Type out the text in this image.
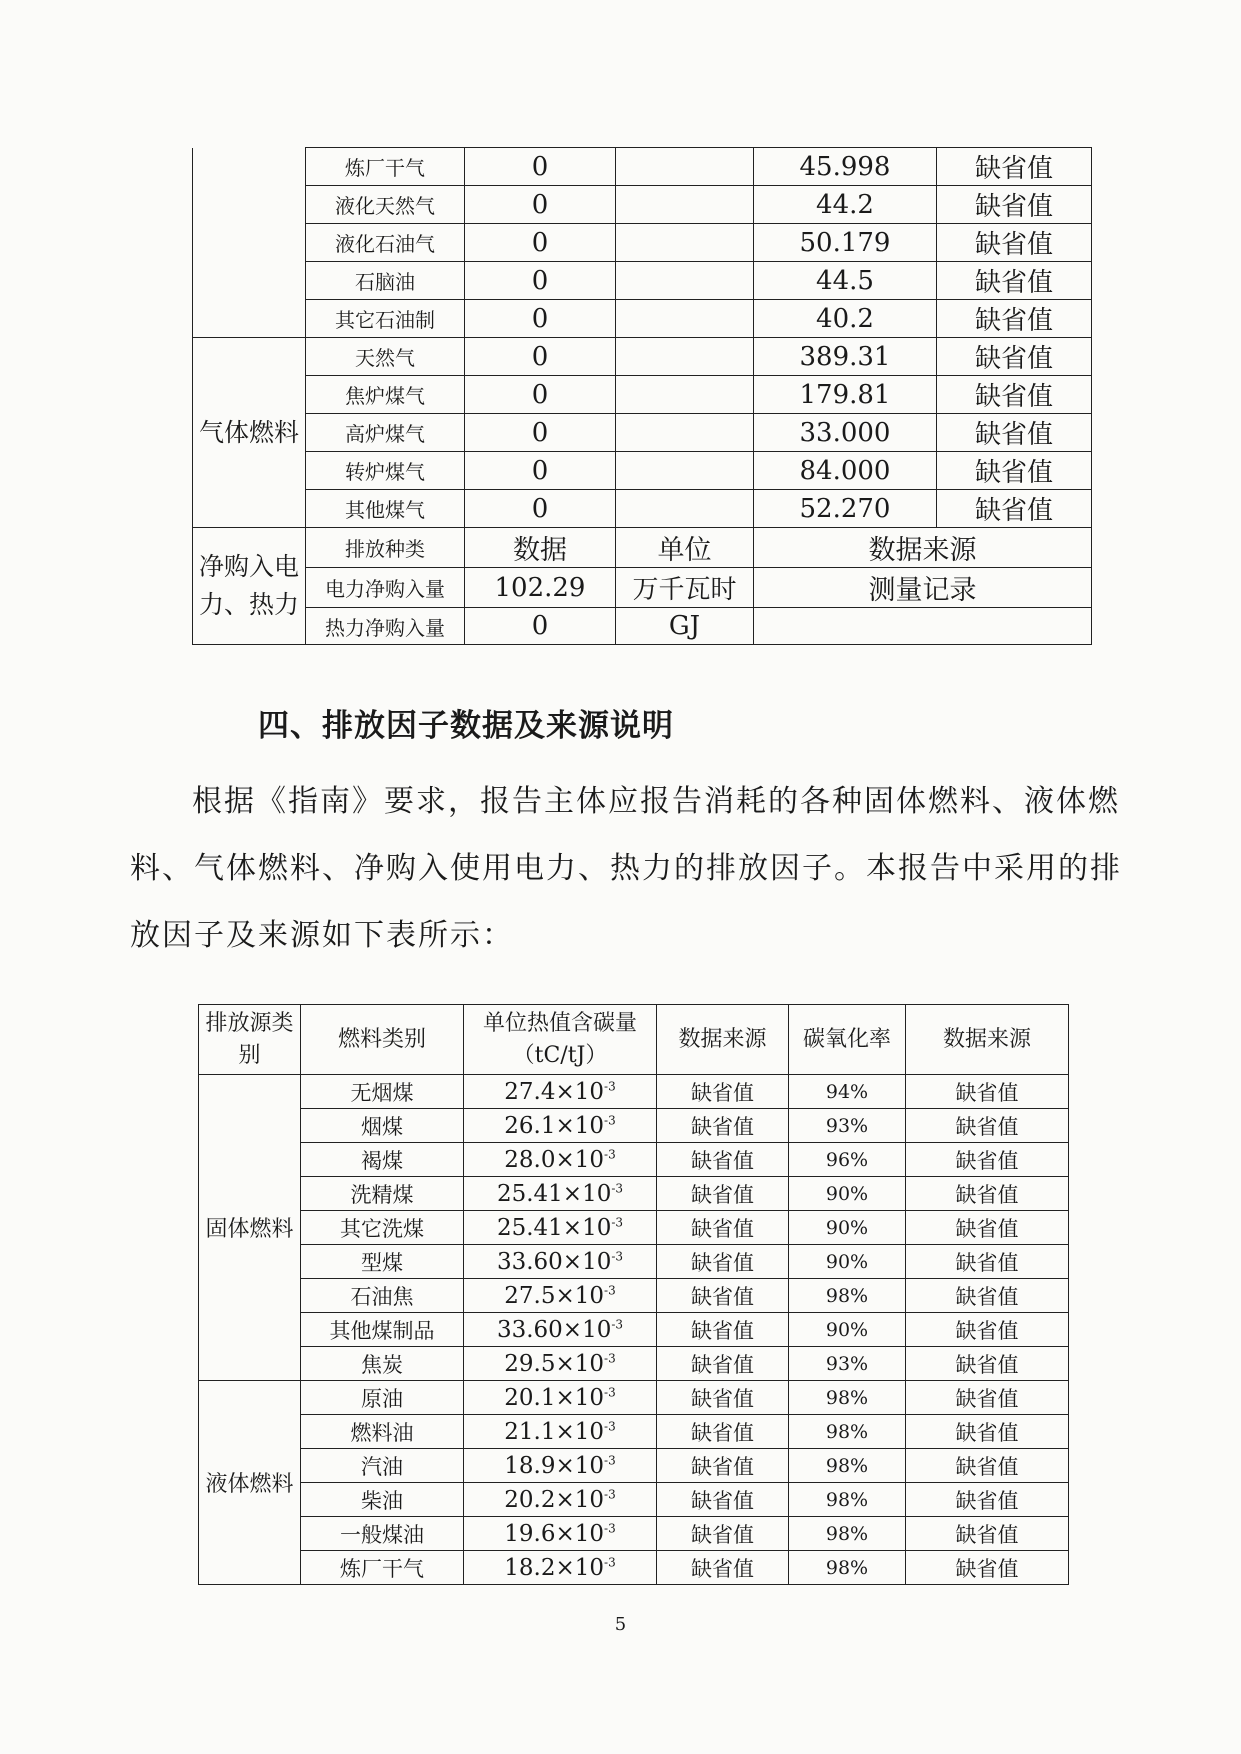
	炼厂干气	0		45.998	缺省值
	液化天然气	0		44.2	缺省值
	液化石油气	0		50.179	缺省值
	石脑油	0		44.5	缺省值
	其它石油制	0		40.2	缺省值
气体燃料	天然气	0		389.31	缺省值
	焦炉煤气	0		179.81	缺省值
	高炉煤气	0		33.000	缺省值
	转炉煤气	0		84.000	缺省值
	其他煤气	0		52.270	缺省值
净购入电力、热力	排放种类	数据	单位	数据来源	
	电力净购入量	102.29	万千瓦时	测量记录	
	热力净购入量	0	GJ		
四、排放因子数据及来源说明
根据《指南》要求，报告主体应报告消耗的各种固体燃料、液体燃料、气体燃料、净购入使用电力、热力的排放因子。本报告中采用的排放因子及来源如下表所示：
排放源类别	燃料类别	单位热值含碳量（tC/tJ）	数据来源	碳氧化率	数据来源
固体燃料	无烟煤	$27.4\times 10^{-3}$	缺省值	94%	缺省值
	烟煤	$26.1\times 10^{-3}$	缺省值	93%	缺省值
	褐煤	$28.0\times 10^{-3}$	缺省值	96%	缺省值
	洗精煤	$25.41\times 10^{-3}$	缺省值	90%	缺省值
	其它洗煤	$25.41\times 10^{-3}$	缺省值	90%	缺省值
	型煤	$33.60\times 10^{-3}$	缺省值	90%	缺省值
	石油焦	$27.5\times 10^{-3}$	缺省值	98%	缺省值
	其他煤制品	$33.60\times 10^{-3}$	缺省值	90%	缺省值
	焦炭	$29.5\times 10^{-3}$	缺省值	93%	缺省值
液体燃料	原油	$20.1\times 10^{-3}$	缺省值	98%	缺省值
	燃料油	$21.1\times 10^{-3}$	缺省值	98%	缺省值
	汽油	$18.9\times 10^{-3}$	缺省值	98%	缺省值
	柴油	$20.2\times 10^{-3}$	缺省值	98%	缺省值
	一般煤油	$19.6\times 10^{-3}$	缺省值	98%	缺省值
	炼厂干气	$18.2\times 10^{-3}$	缺省值	98%	缺省值
5
